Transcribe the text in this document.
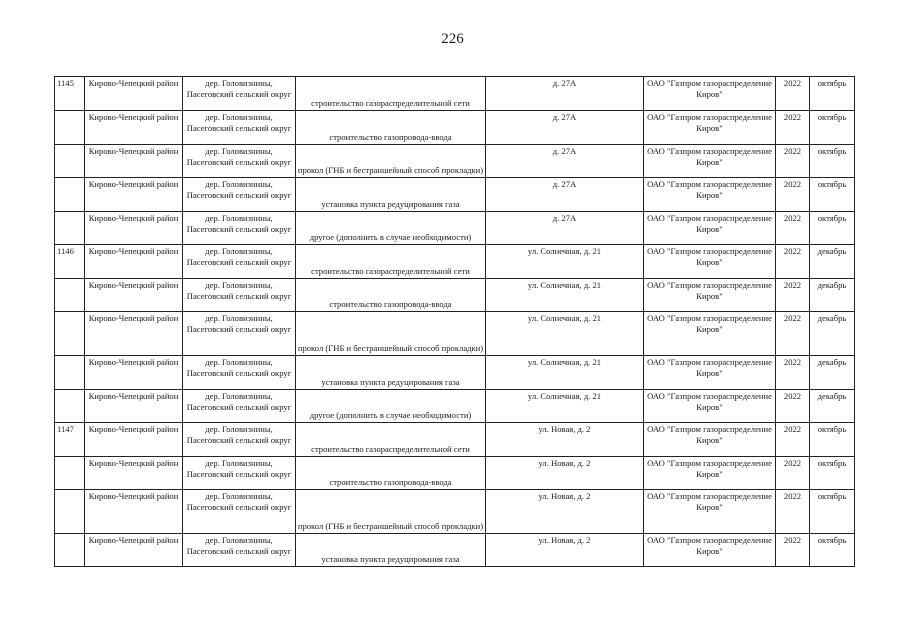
226
1145	Кирово-Чепецкий район	дер. Головизнины, Пасеговский сельский округ	строительство газораспределительной сети	д. 27А	ОАО "Газпром газораспределение Киров"	2022	октябрь
	Кирово-Чепецкий район	дер. Головизнины, Пасеговский сельский округ	строительство газопровода-ввода	д. 27А	ОАО "Газпром газораспределение Киров"	2022	октябрь
	Кирово-Чепецкий район	дер. Головизнины, Пасеговский сельский округ	прокол (ГНБ и бестраншейный способ прокладки)	д. 27А	ОАО "Газпром газораспределение Киров"	2022	октябрь
	Кирово-Чепецкий район	дер. Головизнины, Пасеговский сельский округ	установка пункта редуцирования газа	д. 27А	ОАО "Газпром газораспределение Киров"	2022	октябрь
	Кирово-Чепецкий район	дер. Головизнины, Пасеговский сельский округ	другое (дополнить в случае необходимости)	д. 27А	ОАО "Газпром газораспределение Киров"	2022	октябрь
1146	Кирово-Чепецкий район	дер. Головизнины, Пасеговский сельский округ	строительство газораспределительной сети	ул. Солнечная, д. 21	ОАО "Газпром газораспределение Киров"	2022	декабрь
	Кирово-Чепецкий район	дер. Головизнины, Пасеговский сельский округ	строительство газопровода-ввода	ул. Солнечная, д. 21	ОАО "Газпром газораспределение Киров"	2022	декабрь
	Кирово-Чепецкий район	дер. Головизнины, Пасеговский сельский округ	прокол (ГНБ и бестраншейный способ прокладки)	ул. Солнечная, д. 21	ОАО "Газпром газораспределение Киров"	2022	декабрь
	Кирово-Чепецкий район	дер. Головизнины, Пасеговский сельский округ	установка пункта редуцирования газа	ул. Солнечная, д. 21	ОАО "Газпром газораспределение Киров"	2022	декабрь
	Кирово-Чепецкий район	дер. Головизнины, Пасеговский сельский округ	другое (дополнить в случае необходимости)	ул. Солнечная, д. 21	ОАО "Газпром газораспределение Киров"	2022	декабрь
1147	Кирово-Чепецкий район	дер. Головизнины, Пасеговский сельский округ	строительство газораспределительной сети	ул. Новая, д. 2	ОАО "Газпром газораспределение Киров"	2022	октябрь
	Кирово-Чепецкий район	дер. Головизнины, Пасеговский сельский округ	строительство газопровода-ввода	ул. Новая, д. 2	ОАО "Газпром газораспределение Киров"	2022	октябрь
	Кирово-Чепецкий район	дер. Головизнины, Пасеговский сельский округ	прокол (ГНБ и бестраншейный способ прокладки)	ул. Новая, д. 2	ОАО "Газпром газораспределение Киров"	2022	октябрь
	Кирово-Чепецкий район	дер. Головизнины, Пасеговский сельский округ	установка пункта редуцирования газа	ул. Новая, д. 2	ОАО "Газпром газораспределение Киров"	2022	октябрь
